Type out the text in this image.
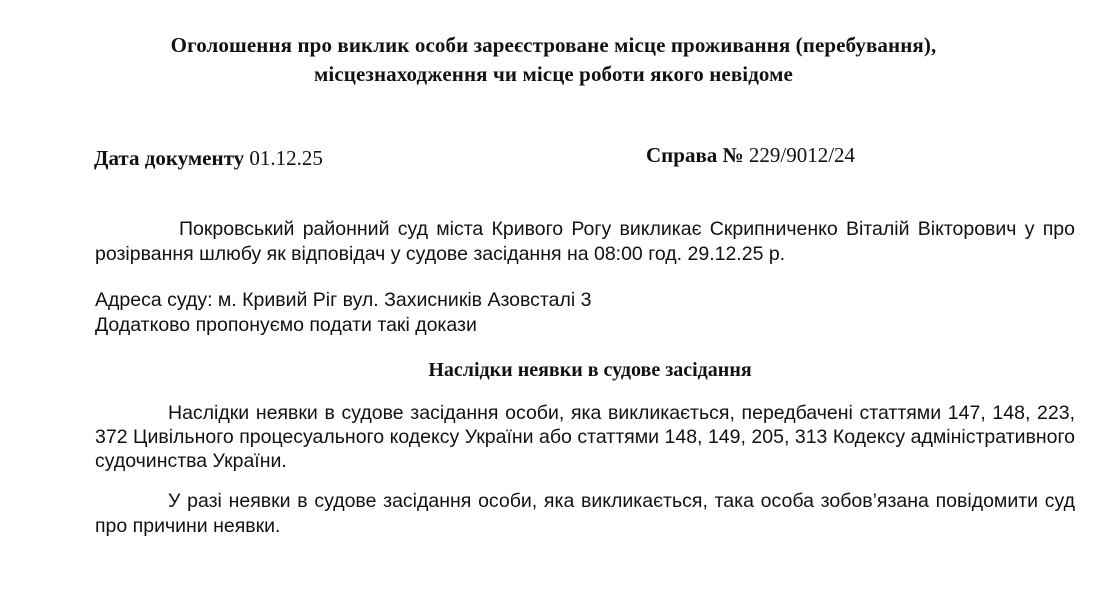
Оголошення про виклик особи зареєстроване місце проживання (перебування),
місцезнаходження чи місце роботи якого невідоме
Дата документу 01.12.25	Справа № 229/9012/24
Покровський районний суд міста Кривого Рогу викликає Скрипниченко Віталій Вікторович у про розірвання шлюбу як відповідач у судове засідання на 08:00 год. 29.12.25 р.
Адреса суду: м. Кривий Ріг вул. Захисників Азовсталі 3
Додатково пропонуємо подати такі докази
Наслідки неявки в судове засідання
Наслідки неявки в судове засідання особи, яка викликається, передбачені статтями 147, 148, 223, 372 Цивільного процесуального кодексу України або статтями 148, 149, 205, 313 Кодексу адміністративного судочинства України.
У разі неявки в судове засідання особи, яка викликається, така особа зобов’язана повідомити суд про причини неявки.
